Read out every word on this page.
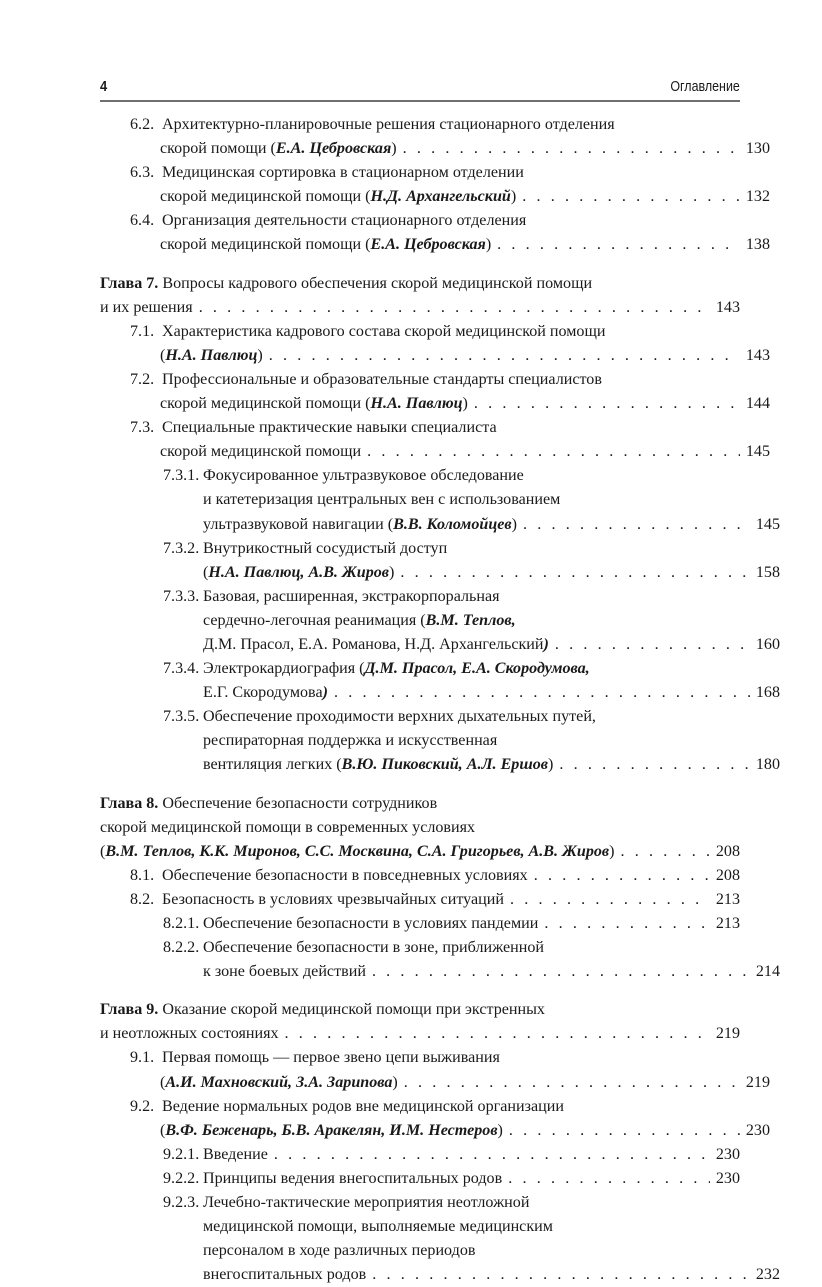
4	Оглавление
6.2. Архитектурно-планировочные решения стационарного отделения
скорой помощи ( Е.А. Цебровская ) . . .	130
6.3. Медицинская сортировка в стационарном отделении
скорой медицинской помощи ( Н.Д. Архангельский ) . . .	132
6.4. Организация деятельности стационарного отделения
скорой медицинской помощи ( Е.А. Цебровская ) . . .	138
Глава 7. Вопросы кадрового обеспечения скорой медицинской помощи
и их решения . . .	143
7.1. Характеристика кадрового состава скорой медицинской помощи
( Н.А. Павлюц ) . . .	143
7.2. Профессиональные и образовательные стандарты специалистов
скорой медицинской помощи ( Н.А. Павлюц ) . . .	144
7.3. Специальные практические навыки специалиста
скорой медицинской помощи . . .	145
7.3.1. Фокусированное ультразвуковое обследование
и катетеризация центральных вен с использованием
ультразвуковой навигации ( В.В. Коломойцев ) . . .	145
7.3.2. Внутрикостный сосудистый доступ
( Н.А. Павлюц, А.В. Жиров ) . . .	158
7.3.3. Базовая, расширенная, экстракорпоральная
сердечно-легочная реанимация (В.М. Теплов,
Д.М. Прасол, Е.А. Романова, Н.Д. Архангельский) . . .	160
7.3.4. Электрокардиография (Д.М. Прасол, Е.А. Скородумова,
Е.Г. Скородумова) . . .	168
7.3.5. Обеспечение проходимости верхних дыхательных путей,
респираторная поддержка и искусственная
вентиляция легких ( В.Ю. Пиковский, А.Л. Ершов ) . . .	180
Глава 8. Обеспечение безопасности сотрудников
скорой медицинской помощи в современных условиях
(В.М. Теплов, К.К. Миронов, С.С. Москвина, С.А. Григорьев, А.В. Жиров) . . .	208
8.1. Обеспечение безопасности в повседневных условиях . . .	208
8.2. Безопасность в условиях чрезвычайных ситуаций . . .	213
8.2.1. Обеспечение безопасности в условиях пандемии . . .	213
8.2.2. Обеспечение безопасности в зоне, приближенной
к зоне боевых действий . . .	214
Глава 9. Оказание скорой медицинской помощи при экстренных
и неотложных состояниях . . .	219
9.1. Первая помощь — первое звено цепи выживания
( А.И. Махновский, З.А. Зарипова ) . . .	219
9.2. Ведение нормальных родов вне медицинской организации
( В.Ф. Беженарь, Б.В. Аракелян, И.М. Нестеров ) . . .	230
9.2.1. Введение . . .	230
9.2.2. Принципы ведения внегоспитальных родов . . .	230
9.2.3. Лечебно-тактические мероприятия неотложной
медицинской помощи, выполняемые медицинским
персоналом в ходе различных периодов
внегоспитальных родов . . .	232
